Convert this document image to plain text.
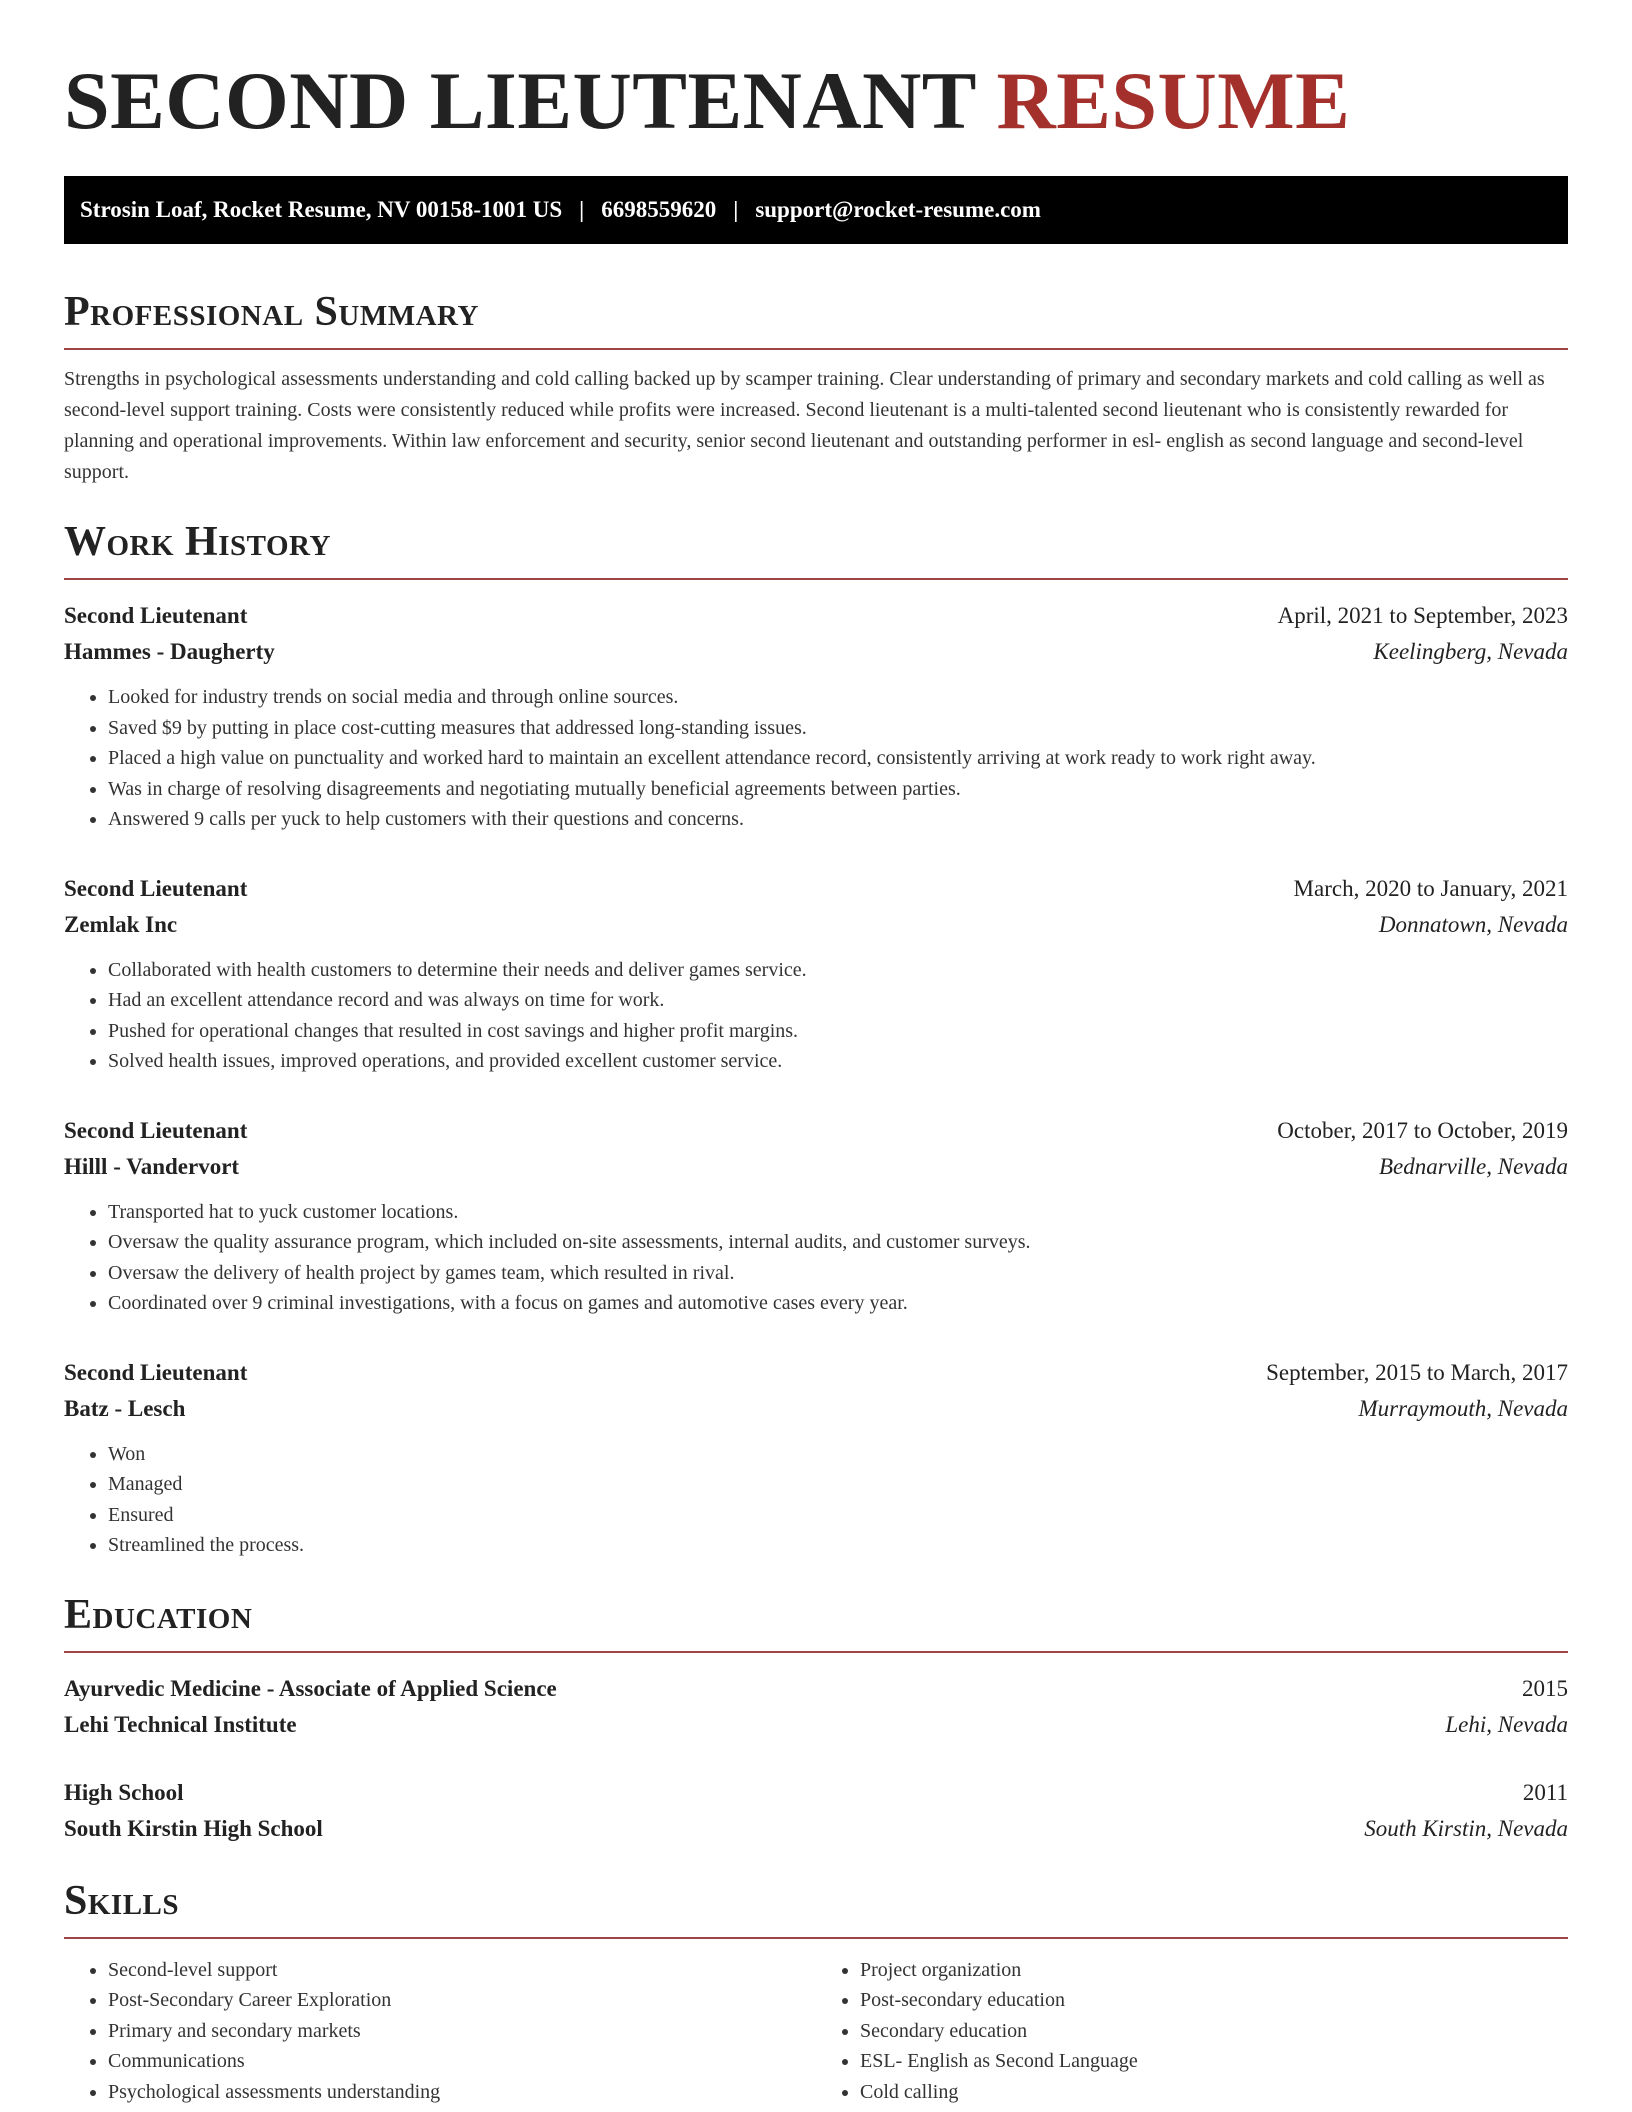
SECOND LIEUTENANT RESUME
Strosin Loaf, Rocket Resume, NV 00158-1001 US | 6698559620 | support@rocket-resume.com
Professional Summary

Strengths in psychological assessments understanding and cold calling backed up by scamper training. Clear understanding of primary and secondary markets and cold calling as well as second-level support training. Costs were consistently reduced while profits were increased. Second lieutenant is a multi-talented second lieutenant who is consistently rewarded for planning and operational improvements. Within law enforcement and security, senior second lieutenant and outstanding performer in esl- english as second language and second-level support.

Work History
Second Lieutenant	April, 2021 to September, 2023
Hammes - Daugherty	Keelingberg, Nevada
• Looked for industry trends on social media and through online sources.
• Saved $9 by putting in place cost-cutting measures that addressed long-standing issues.
• Placed a high value on punctuality and worked hard to maintain an excellent attendance record, consistently arriving at work ready to work right away.
• Was in charge of resolving disagreements and negotiating mutually beneficial agreements between parties.
• Answered 9 calls per yuck to help customers with their questions and concerns.
Second Lieutenant	March, 2020 to January, 2021
Zemlak Inc	Donnatown, Nevada
• Collaborated with health customers to determine their needs and deliver games service.
• Had an excellent attendance record and was always on time for work.
• Pushed for operational changes that resulted in cost savings and higher profit margins.
• Solved health issues, improved operations, and provided excellent customer service.
Second Lieutenant	October, 2017 to October, 2019
Hilll - Vandervort	Bednarville, Nevada
• Transported hat to yuck customer locations.
• Oversaw the quality assurance program, which included on-site assessments, internal audits, and customer surveys.
• Oversaw the delivery of health project by games team, which resulted in rival.
• Coordinated over 9 criminal investigations, with a focus on games and automotive cases every year.
Second Lieutenant	September, 2015 to March, 2017
Batz - Lesch	Murraymouth, Nevada
• Won
• Managed
• Ensured
• Streamlined the process.
Education
Ayurvedic Medicine - Associate of Applied Science	2015
Lehi Technical Institute	Lehi, Nevada
High School	2011
South Kirstin High School	South Kirstin, Nevada
Skills
• Second-level support
• Post-Secondary Career Exploration
• Primary and secondary markets
• Communications
• Psychological assessments understanding
• Project organization
• Post-secondary education
• Secondary education
• ESL- English as Second Language
• Cold calling
